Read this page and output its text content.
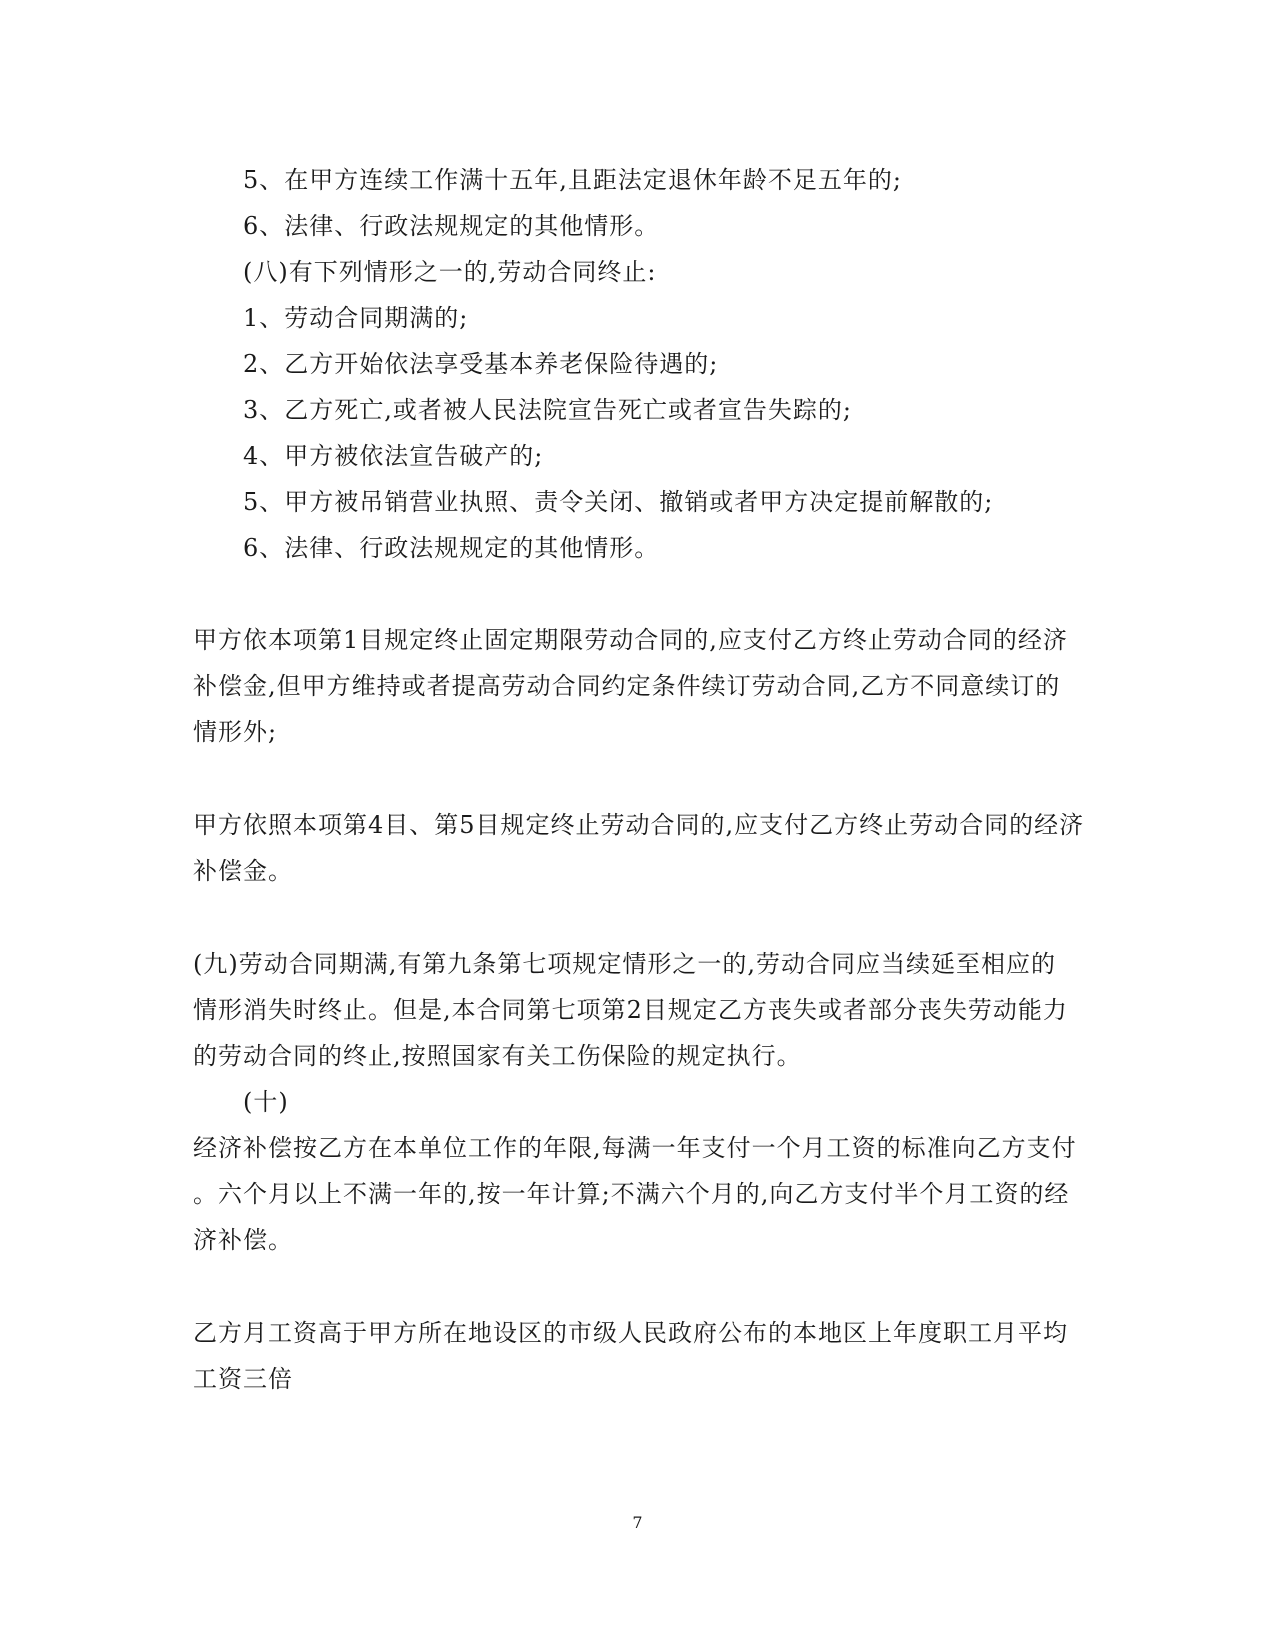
5、在甲方连续工作满十五年,且距法定退休年龄不足五年的;
6、法律、行政法规规定的其他情形。
(八)有下列情形之一的,劳动合同终止:
1、劳动合同期满的;
2、乙方开始依法享受基本养老保险待遇的;
3、乙方死亡,或者被人民法院宣告死亡或者宣告失踪的;
4、甲方被依法宣告破产的;
5、甲方被吊销营业执照、责令关闭、撤销或者甲方决定提前解散的;
6、法律、行政法规规定的其他情形。
甲方依本项第1目规定终止固定期限劳动合同的,应支付乙方终止劳动合同的经济
补偿金,但甲方维持或者提高劳动合同约定条件续订劳动合同,乙方不同意续订的
情形外;
甲方依照本项第4目、第5目规定终止劳动合同的,应支付乙方终止劳动合同的经济
补偿金。
(九)劳动合同期满,有第九条第七项规定情形之一的,劳动合同应当续延至相应的
情形消失时终止。但是,本合同第七项第2目规定乙方丧失或者部分丧失劳动能力
的劳动合同的终止,按照国家有关工伤保险的规定执行。
(十)
经济补偿按乙方在本单位工作的年限,每满一年支付一个月工资的标准向乙方支付
。六个月以上不满一年的,按一年计算;不满六个月的,向乙方支付半个月工资的经
济补偿。
乙方月工资高于甲方所在地设区的市级人民政府公布的本地区上年度职工月平均
工资三倍
7
